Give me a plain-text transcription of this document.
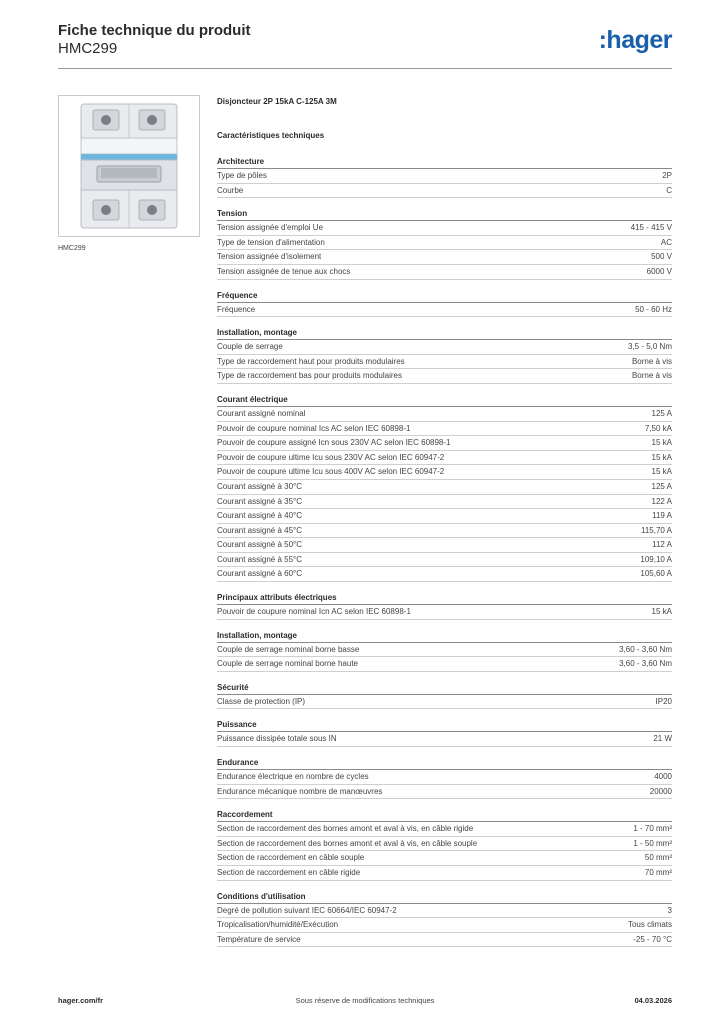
Fiche technique du produit
HMC299	:hager
HMC299
Disjoncteur 2P 15kA C-125A 3M
Caractéristiques techniques
Architecture
Type de pôles	2P
Courbe	C
Tension
Tension assignée d'emploi Ue	415 - 415 V
Type de tension d'alimentation	AC
Tension assignée d'isolement	500 V
Tension assignée de tenue aux chocs	6000 V
Fréquence
Fréquence	50 - 60 Hz
Installation, montage
Couple de serrage	3,5 - 5,0 Nm
Type de raccordement haut pour produits modulaires	Borne à vis
Type de raccordement bas pour produits modulaires	Borne à vis
Courant électrique
Courant assigné nominal	125 A
Pouvoir de coupure nominal Ics AC selon IEC 60898-1	7,50 kA
Pouvoir de coupure assigné Icn sous 230V AC selon IEC 60898-1	15 kA
Pouvoir de coupure ultime Icu sous 230V AC selon IEC 60947-2	15 kA
Pouvoir de coupure ultime Icu sous 400V AC selon IEC 60947-2	15 kA
Courant assigné à 30°C	125 A
Courant assigné à 35°C	122 A
Courant assigné à 40°C	119 A
Courant assigné à 45°C	115,70 A
Courant assigné à 50°C	112 A
Courant assigné à 55°C	109,10 A
Courant assigné à 60°C	105,60 A
Principaux attributs électriques
Pouvoir de coupure nominal Icn AC selon IEC 60898-1	15 kA
Installation, montage
Couple de serrage nominal borne basse	3,60 - 3,60 Nm
Couple de serrage nominal borne haute	3,60 - 3,60 Nm
Sécurité
Classe de protection (IP)	IP20
Puissance
Puissance dissipée totale sous IN	21 W
Endurance
Endurance électrique en nombre de cycles	4000
Endurance mécanique nombre de manœuvres	20000
Raccordement
Section de raccordement des bornes amont et aval à vis, en câble rigide	1 - 70 mm²
Section de raccordement des bornes amont et aval à vis, en câble souple	1 - 50 mm²
Section de raccordement en câble souple	50 mm²
Section de raccordement en câble rigide	70 mm²
Conditions d'utilisation
Degré de pollution suivant IEC 60664/IEC 60947-2	3
Tropicalisation/humidité/Exécution	Tous climats
Température de service	-25 - 70 °C
hager.com/fr	Sous réserve de modifications techniques	04.03.2026
